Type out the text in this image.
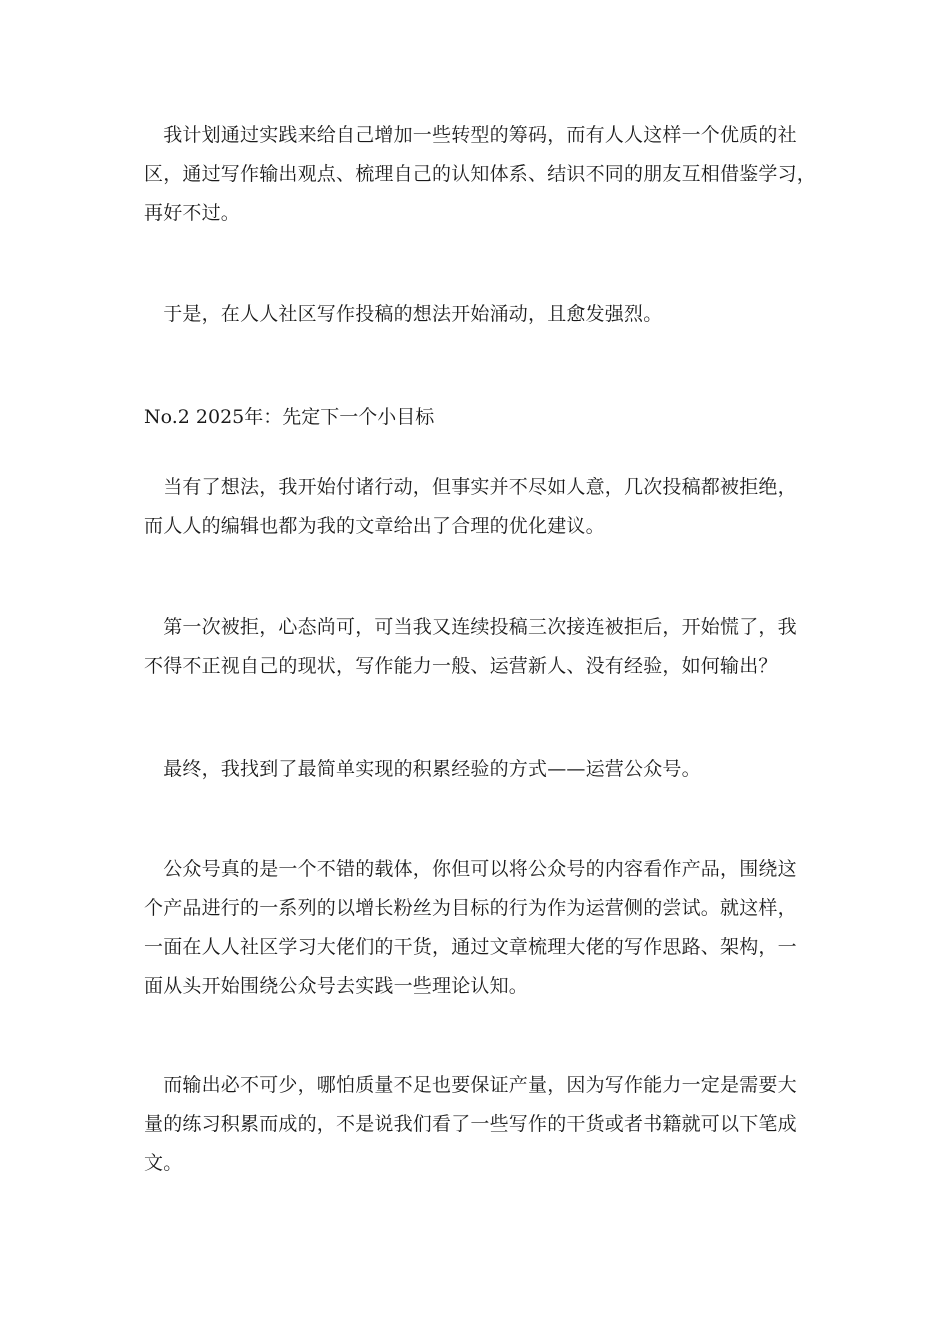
　我计划通过实践来给自己增加一些转型的筹码，而有人人这样一个优质的社
区，通过写作输出观点、梳理自己的认知体系、结识不同的朋友互相借鉴学习，
再好不过。
　于是，在人人社区写作投稿的想法开始涌动，且愈发强烈。
No.2 2025年：先定下一个小目标
　当有了想法，我开始付诸行动，但事实并不尽如人意，几次投稿都被拒绝，
而人人的编辑也都为我的文章给出了合理的优化建议。
　第一次被拒，心态尚可，可当我又连续投稿三次接连被拒后，开始慌了，我
不得不正视自己的现状，写作能力一般、运营新人、没有经验，如何输出？
　最终，我找到了最简单实现的积累经验的方式——运营公众号。
　公众号真的是一个不错的载体，你但可以将公众号的内容看作产品，围绕这
个产品进行的一系列的以增长粉丝为目标的行为作为运营侧的尝试。就这样，
一面在人人社区学习大佬们的干货，通过文章梳理大佬的写作思路、架构，一
面从头开始围绕公众号去实践一些理论认知。
　而输出必不可少，哪怕质量不足也要保证产量，因为写作能力一定是需要大
量的练习积累而成的，不是说我们看了一些写作的干货或者书籍就可以下笔成
文。
